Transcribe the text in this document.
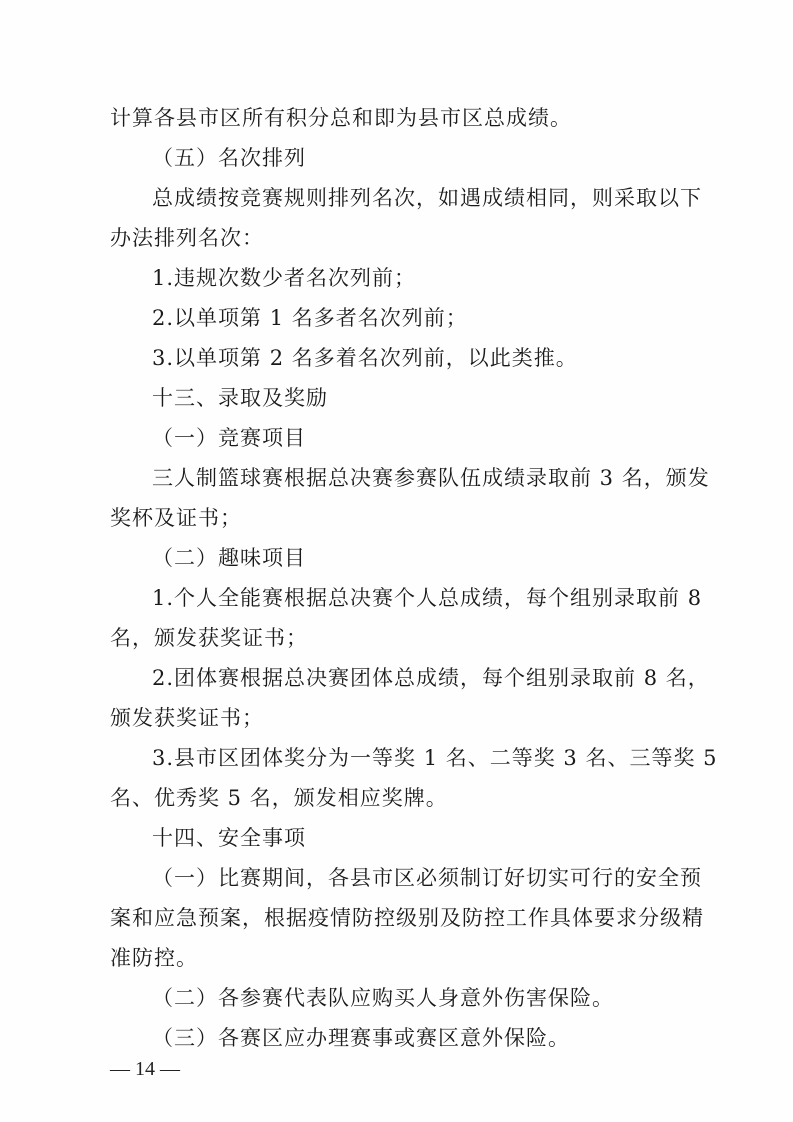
计算各县市区所有积分总和即为县市区总成绩。
（五）名次排列
总成绩按竞赛规则排列名次，如遇成绩相同，则采取以下
办法排列名次：
1.违规次数少者名次列前；
2.以单项第 1 名多者名次列前；
3.以单项第 2 名多着名次列前，以此类推。
十三、录取及奖励
（一）竞赛项目
三人制篮球赛根据总决赛参赛队伍成绩录取前 3 名，颁发
奖杯及证书；
（二）趣味项目
1.个人全能赛根据总决赛个人总成绩，每个组别录取前 8
名，颁发获奖证书；
2.团体赛根据总决赛团体总成绩，每个组别录取前 8 名，
颁发获奖证书；
3.县市区团体奖分为一等奖 1 名、二等奖 3 名、三等奖 5
名、优秀奖 5 名，颁发相应奖牌。
十四、安全事项
（一）比赛期间，各县市区必须制订好切实可行的安全预
案和应急预案，根据疫情防控级别及防控工作具体要求分级精
准防控。
（二）各参赛代表队应购买人身意外伤害保险。
（三）各赛区应办理赛事或赛区意外保险。
— 14 —
